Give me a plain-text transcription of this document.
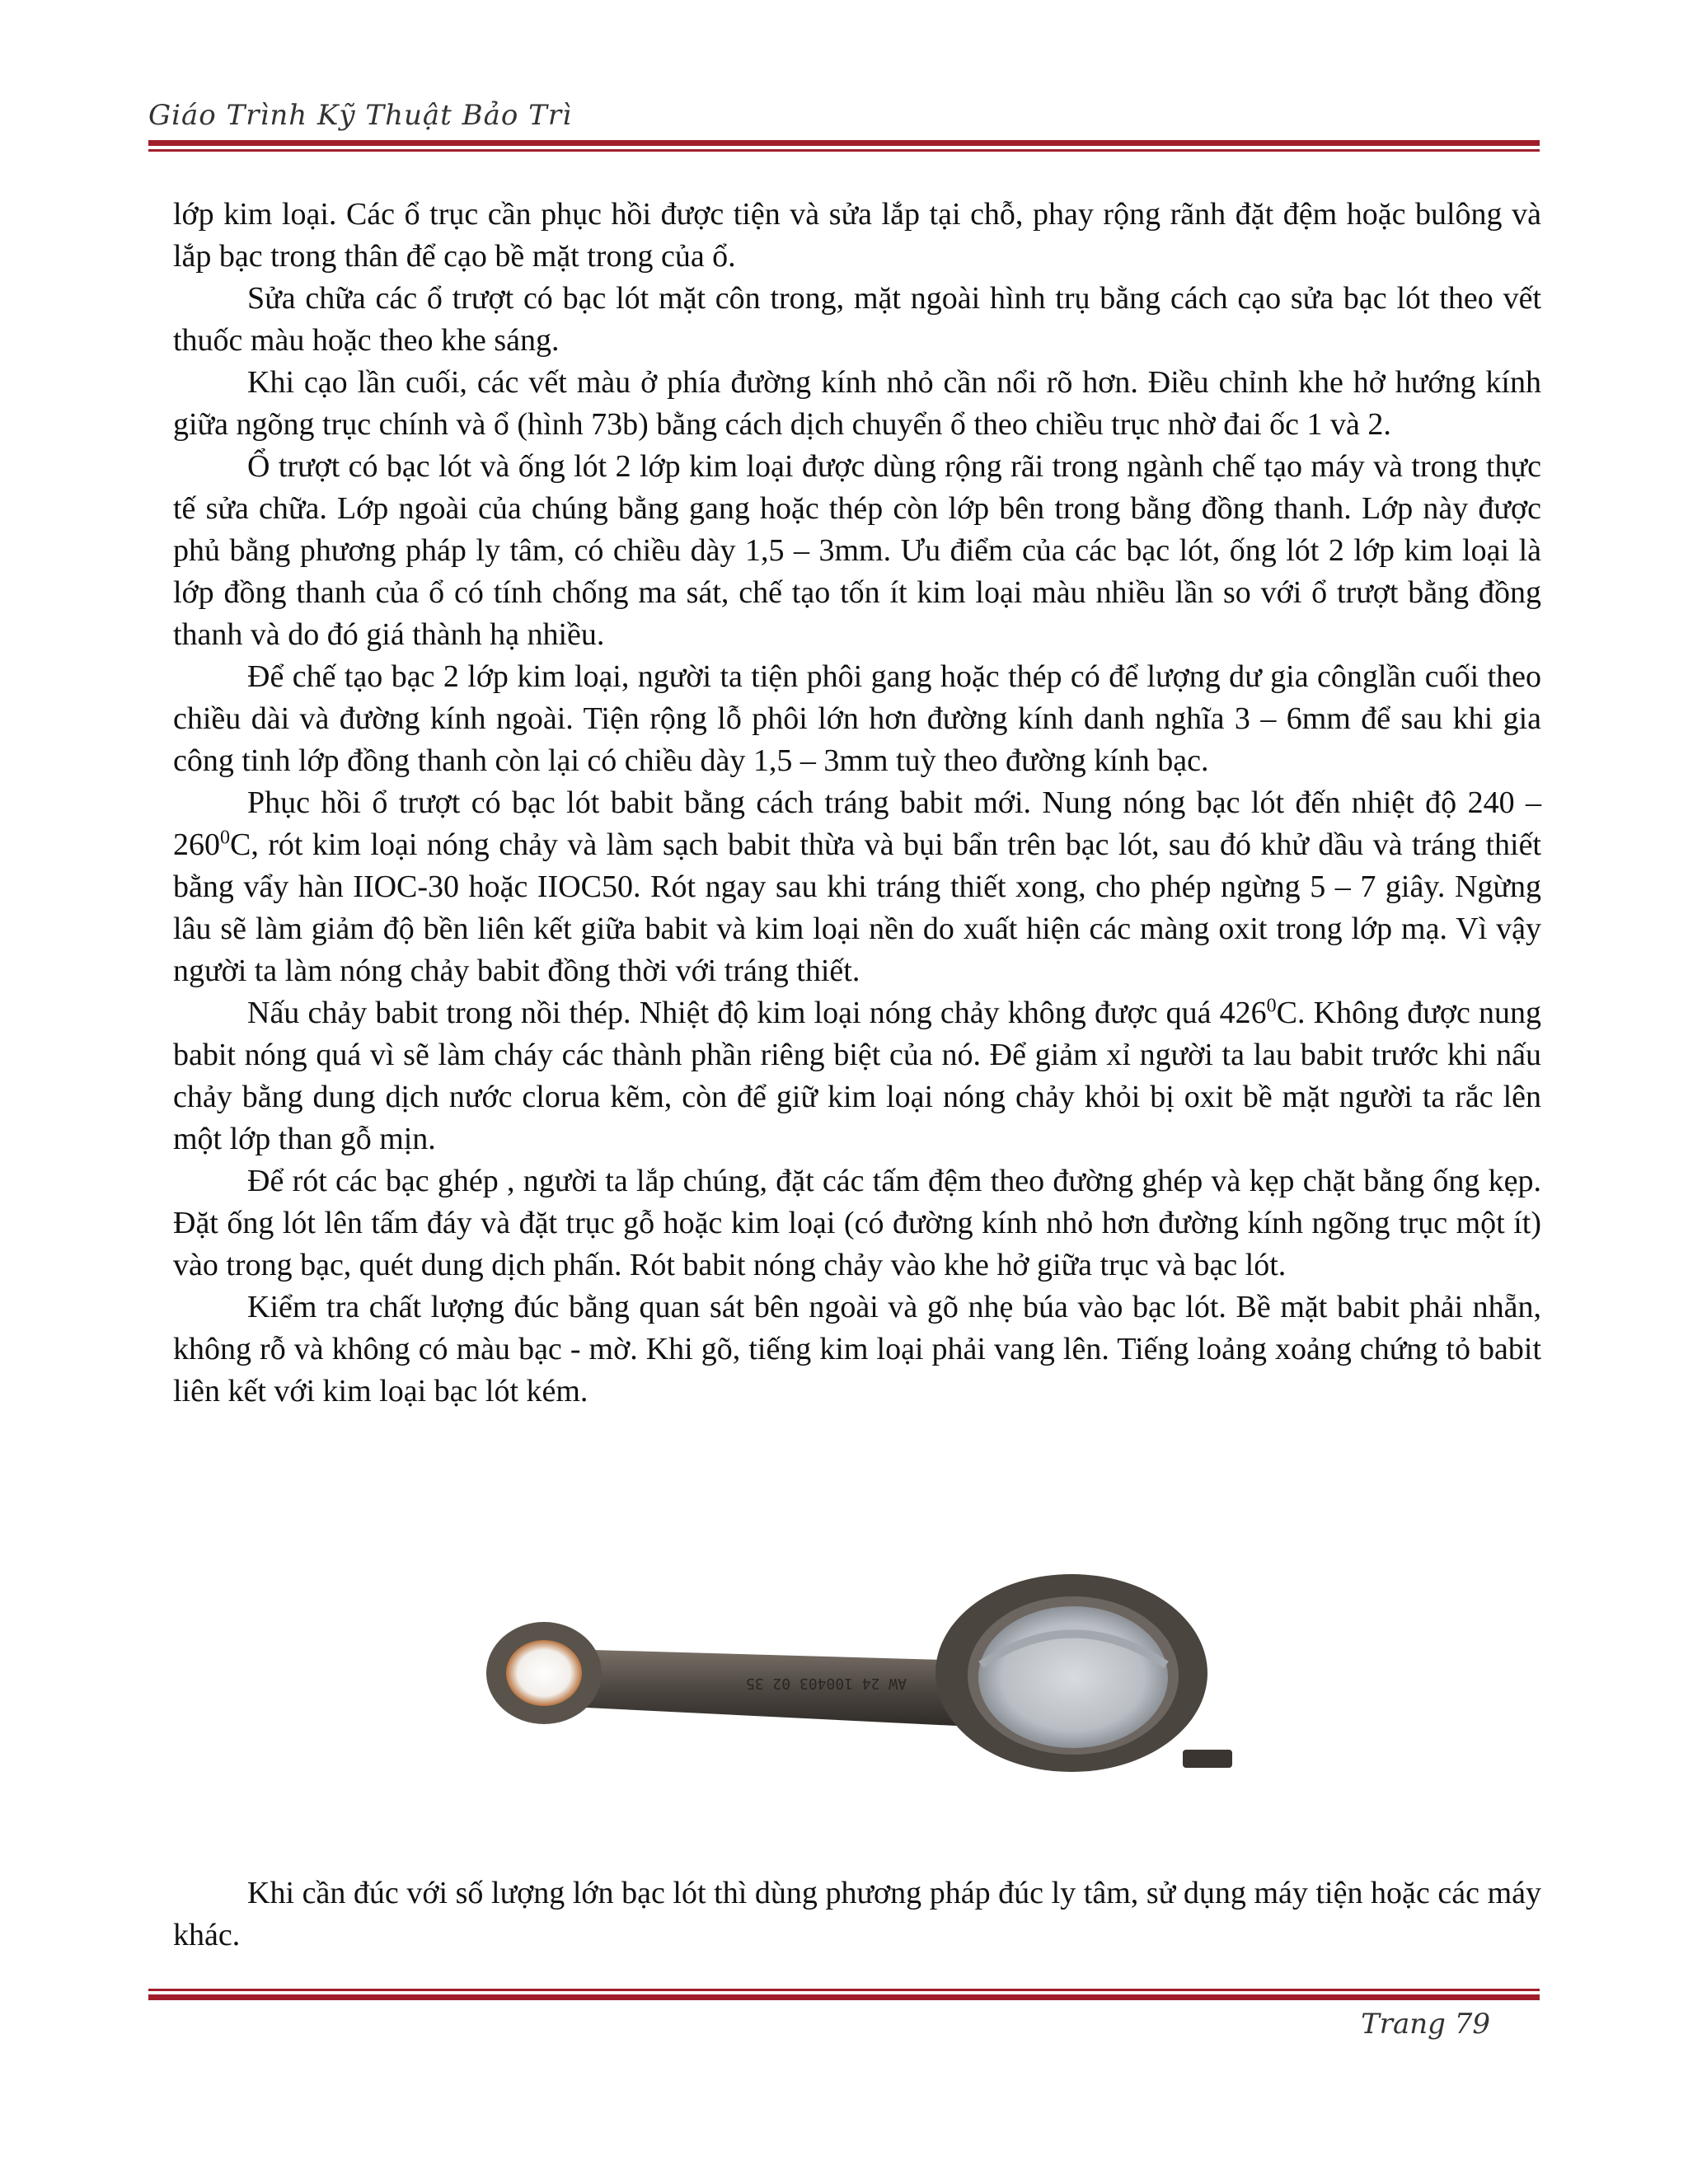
Giáo Trình Kỹ Thuật Bảo Trì

lớp kim loại. Các ổ trục cần phục hồi được tiện và sửa lắp tại chỗ, phay rộng rãnh đặt đệm hoặc bulông và lắp bạc trong thân để cạo bề mặt trong của ổ.

Sửa chữa các ổ trượt có bạc lót mặt côn trong, mặt ngoài hình trụ bằng cách cạo sửa bạc lót theo vết thuốc màu hoặc theo khe sáng.

Khi cạo lần cuối, các vết màu ở phía đường kính nhỏ cần nổi rõ hơn. Điều chỉnh khe hở hướng kính giữa ngõng trục chính và ổ (hình 73b) bằng cách dịch chuyển ổ theo chiều trục nhờ đai ốc 1 và 2.

Ổ trượt có bạc lót và ống lót 2 lớp kim loại được dùng rộng rãi trong ngành chế tạo máy và trong thực tế sửa chữa. Lớp ngoài của chúng bằng gang hoặc thép còn lớp bên trong bằng đồng thanh. Lớp này được phủ bằng phương pháp ly tâm, có chiều dày 1,5 – 3mm. Ưu điểm của các bạc lót, ống lót 2 lớp kim loại là lớp đồng thanh của ổ có tính chống ma sát, chế tạo tốn ít kim loại màu nhiều lần so với ổ trượt bằng đồng thanh và do đó giá thành hạ nhiều.

Để chế tạo bạc 2 lớp kim loại, người ta tiện phôi gang hoặc thép có để lượng dư gia cônglần cuối theo chiều dài và đường kính ngoài. Tiện rộng lỗ phôi lớn hơn đường kính danh nghĩa 3 – 6mm để sau khi gia công tinh lớp đồng thanh còn lại có chiều dày 1,5 – 3mm tuỳ theo đường kính bạc.

Phục hồi ổ trượt có bạc lót babit bằng cách tráng babit mới. Nung nóng bạc lót đến nhiệt độ $240 - 260^0C$, rót kim loại nóng chảy và làm sạch babit thừa và bụi bẩn trên bạc lót, sau đó khử dầu và tráng thiết bằng vẩy hàn IIOC-30 hoặc IIOC50. Rót ngay sau khi tráng thiết xong, cho phép ngừng 5 – 7 giây. Ngừng lâu sẽ làm giảm độ bền liên kết giữa babit và kim loại nền do xuất hiện các màng oxit trong lớp mạ. Vì vậy người ta làm nóng chảy babit đồng thời với tráng thiết.

Nấu chảy babit trong nồi thép. Nhiệt độ kim loại nóng chảy không được quá $426^0C$. Không được nung babit nóng quá vì sẽ làm cháy các thành phần riêng biệt của nó. Để giảm xỉ người ta lau babit trước khi nấu chảy bằng dung dịch nước clorua kẽm, còn để giữ kim loại nóng chảy khỏi bị oxit bề mặt người ta rắc lên một lớp than gỗ mịn.

Để rót các bạc ghép , người ta lắp chúng, đặt các tấm đệm theo đường ghép và kẹp chặt bằng ống kẹp. Đặt ống lót lên tấm đáy và đặt trục gỗ hoặc kim loại (có đường kính nhỏ hơn đường kính ngõng trục một ít) vào trong bạc, quét dung dịch phấn. Rót babit nóng chảy vào khe hở giữa trục và bạc lót.

Kiểm tra chất lượng đúc bằng quan sát bên ngoài và gõ nhẹ búa vào bạc lót. Bề mặt babit phải nhẵn, không rỗ và không có màu bạc - mờ. Khi gõ, tiếng kim loại phải vang lên. Tiếng loảng xoảng chứng tỏ babit liên kết với kim loại bạc lót kém.

AW 24 100403 02 35

Khi cần đúc với số lượng lớn bạc lót thì dùng phương pháp đúc ly tâm, sử dụng máy tiện hoặc các máy khác.

Trang 79
